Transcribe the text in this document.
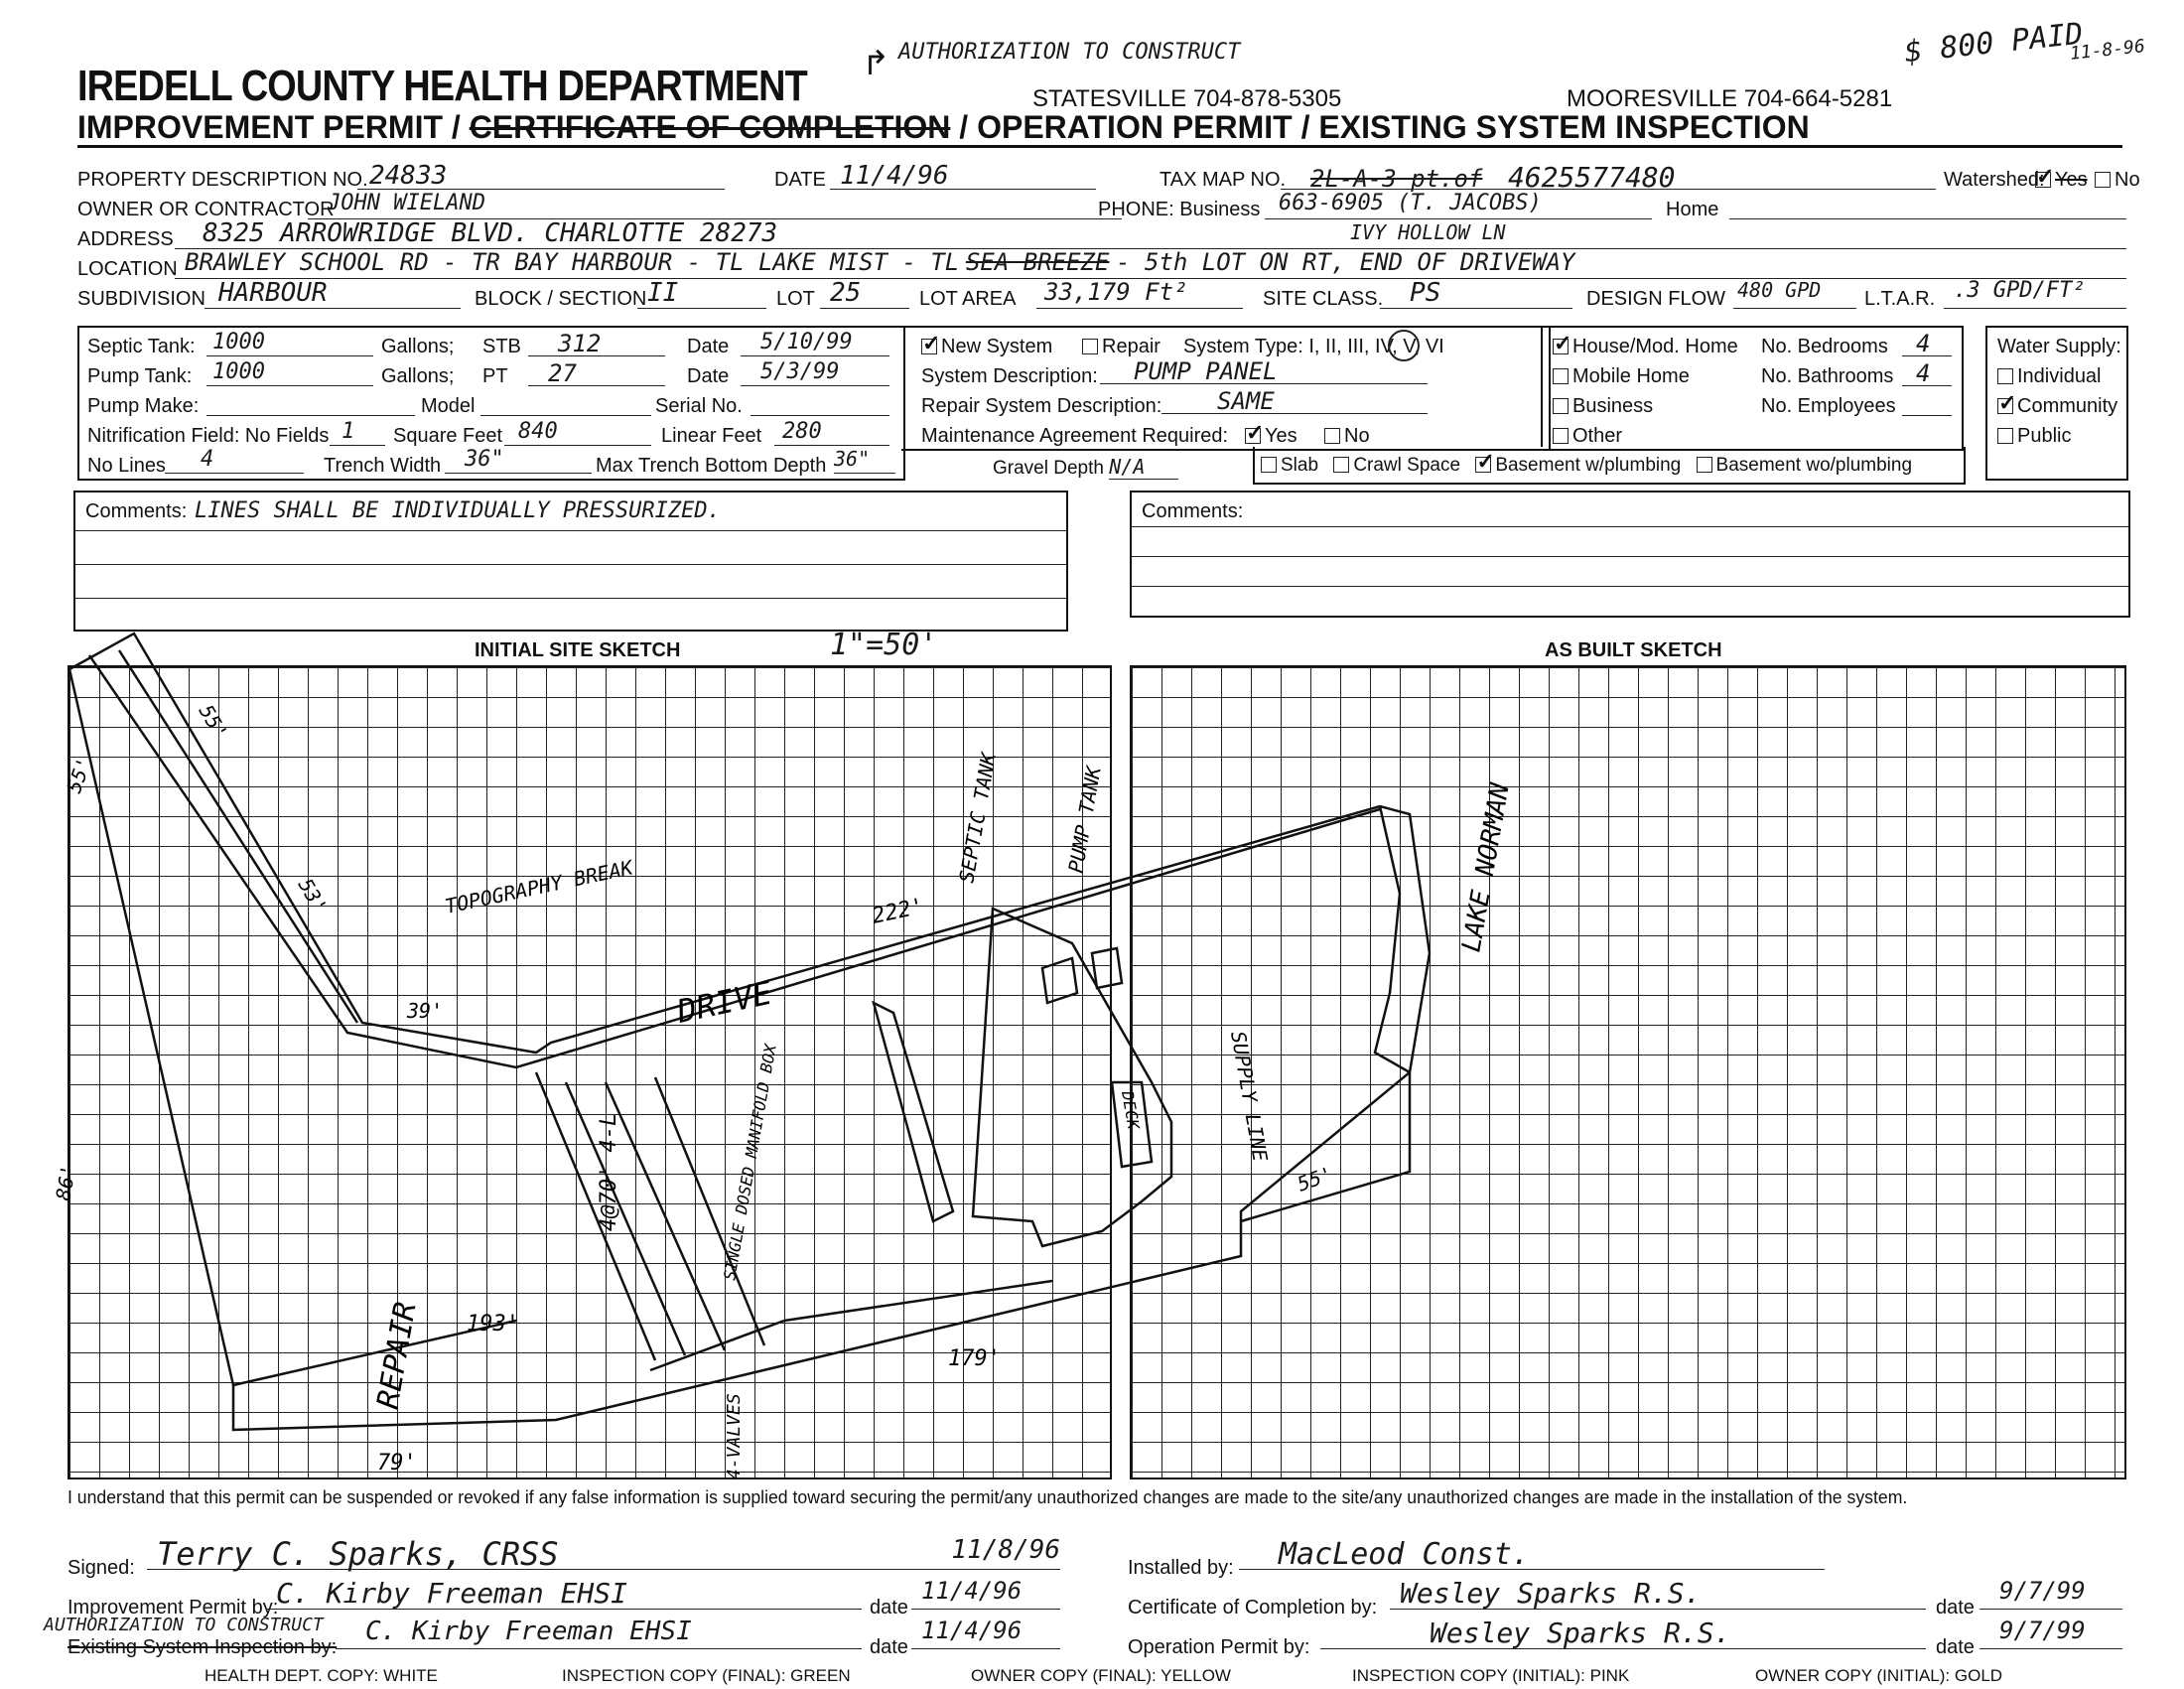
IREDELL COUNTY HEALTH DEPARTMENT
AUTHORIZATION TO CONSTRUCT
↱
STATESVILLE 704-878-5305	MOORESVILLE 704-664-5281
$ 800 PAID
11-8-96
IMPROVEMENT PERMIT / CERTIFICATE OF COMPLETION / OPERATION PERMIT / EXISTING SYSTEM INSPECTION
PROPERTY DESCRIPTION NO. 24833	DATE 11/4/96	TAX MAP NO.	2L-A-3 pt.of 4625577480	Watershed: ✓ Yes	No
OWNER OR CONTRACTOR
JOHN WIELAND	PHONE: Business 663-6905 (T. JACOBS)	Home
ADDRESS	8325 ARROWRIDGE BLVD. CHARLOTTE 28273	IVY HOLLOW LN
LOCATION BRAWLEY SCHOOL RD - TR BAY HARBOUR - TL LAKE MIST - TL SEA BREEZE - 5th LOT ON RT, END OF DRIVEWAY
SUBDIVISION HARBOUR	BLOCK / SECTION II	LOT 25	LOT AREA	33,179 Ft²	SITE CLASS.	PS	DESIGN FLOW 480 GPD	L.T.A.R. .3 GPD/FT²
Septic Tank: 1000	Gallons; STB	312	Date	5/10/99
Pump Tank: 1000	Gallons; PT	27	Date	5/3/99
Pump Make:	Model	Serial No.
Nitrification Field: No Fields 1	Square Feet 840	Linear Feet 280
No Lines	4	Trench Width	36"	Max Trench Bottom Depth 36"
✓New System	Repair System Type: I, II, III, IV, V, VI
System Description:	PUMP PANEL
Repair System Description:	SAME
Maintenance Agreement Required: ✓	Yes	No
Gravel Depth N/A	Slab Crawl Space ✓ Basement w/plumbing Basement wo/plumbing
✓House/Mod. Home
Mobile Home
Business
Other
No. Bedrooms	4
No. Bathrooms 4
No. Employees
Water Supply:
Individual
✓Community
Public
Comments: LINES SHALL BE INDIVIDUALLY PRESSURIZED.	Comments:
INITIAL SITE SKETCH	1"=50'	AS BUILT SKETCH
DRIVE
REPAIR
LAKE NORMAN
TOPOGRAPHY BREAK
SEPTIC TANK	PUMP TANK
SUPPLY LINE
SINGLE DOSED MANIFOLD BOX
4-VALVES
4@70' 4-L
DECK
193'
179'
79'
39'
222'
55'
55'
53'
55'
86'
I understand that this permit can be suspended or revoked if any false information is supplied toward securing the permit/any unauthorized changes are made to the site/any unauthorized changes are made in the installation of the system.
Signed: Terry C. Sparks, CRSS	11/8/96
Improvement Permit by:
C. Kirby Freeman EHSI	date
11/4/96
AUTHORIZATION TO CONSTRUCT
Existing System Inspection by:
C. Kirby Freeman EHSI
date
11/4/96
Installed by:	MacLeod Const.
Certificate of Completion by: Wesley Sparks R.S.	date
9/7/99
Operation Permit by:	Wesley Sparks R.S.	date
9/7/99
HEALTH DEPT. COPY: WHITE	INSPECTION COPY (FINAL): GREEN	OWNER COPY (FINAL): YELLOW	INSPECTION COPY (INITIAL): PINK	OWNER COPY (INITIAL): GOLD
